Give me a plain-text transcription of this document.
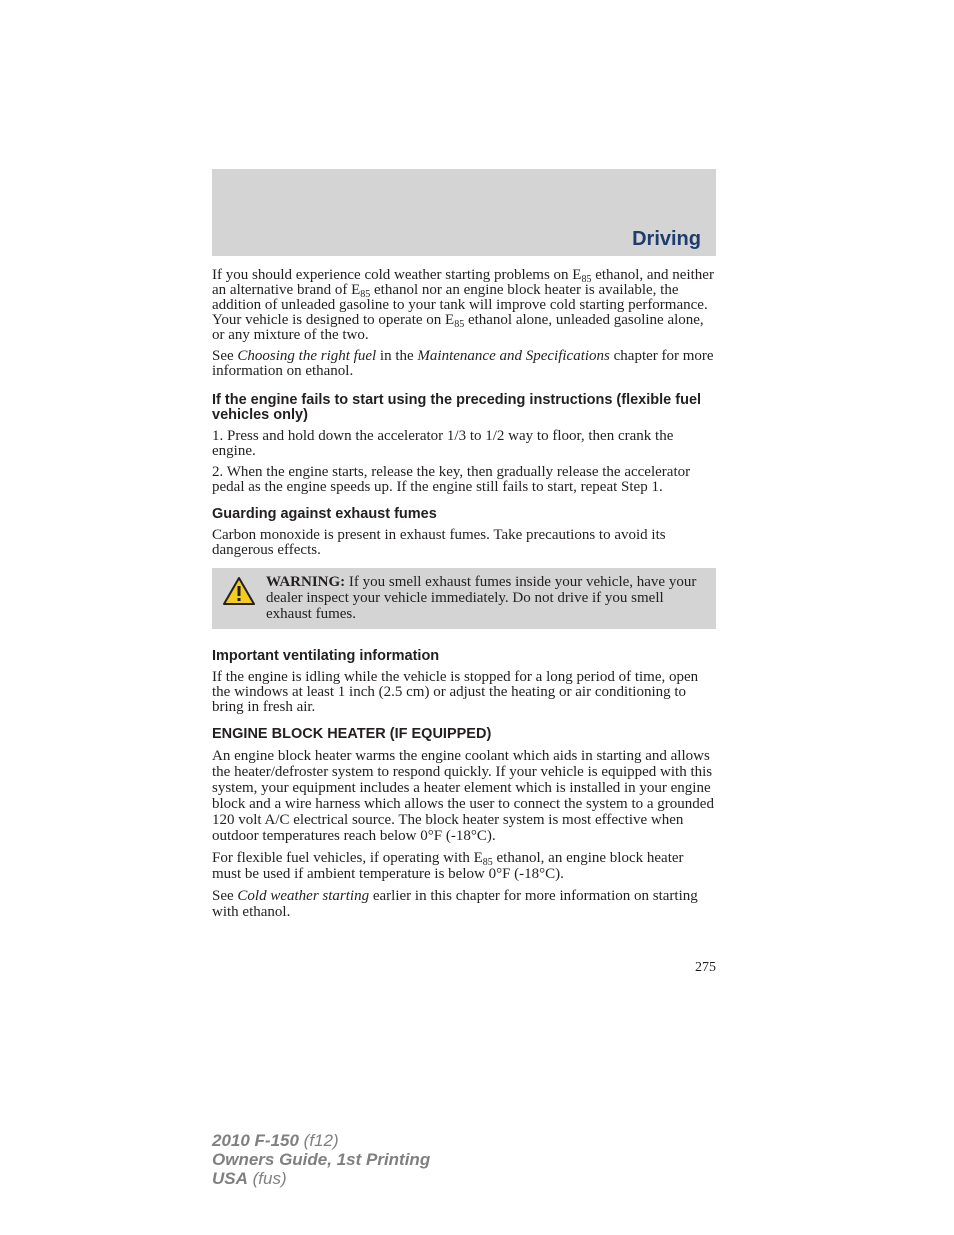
Driving

If you should experience cold weather starting problems on $E_{85}$ ethanol, and neither an alternative brand of $E_{85}$ ethanol nor an engine block heater is available, the addition of unleaded gasoline to your tank will improve cold starting performance. Your vehicle is designed to operate on $E_{85}$ ethanol alone, unleaded gasoline alone, or any mixture of the two.

See Choosing the right fuel in the Maintenance and Specifications chapter for more information on ethanol.

If the engine fails to start using the preceding instructions (flexible fuel vehicles only)

1. Press and hold down the accelerator 1/3 to 1/2 way to floor, then crank the engine.

2. When the engine starts, release the key, then gradually release the accelerator pedal as the engine speeds up. If the engine still fails to start, repeat Step 1.

Guarding against exhaust fumes

Carbon monoxide is present in exhaust fumes. Take precautions to avoid its dangerous effects.

WARNING: If you smell exhaust fumes inside your vehicle, have your dealer inspect your vehicle immediately. Do not drive if you smell exhaust fumes.
Important ventilating information

If the engine is idling while the vehicle is stopped for a long period of time, open the windows at least 1 inch (2.5 cm) or adjust the heating or air conditioning to bring in fresh air.

ENGINE BLOCK HEATER (IF EQUIPPED)

An engine block heater warms the engine coolant which aids in starting and allows the heater/defroster system to respond quickly. If your vehicle is equipped with this system, your equipment includes a heater element which is installed in your engine block and a wire harness which allows the user to connect the system to a grounded 120 volt A/C electrical source. The block heater system is most effective when outdoor temperatures reach below 0°F (-18°C).

For flexible fuel vehicles, if operating with $E_{85}$ ethanol, an engine block heater must be used if ambient temperature is below 0°F (-18°C).

See Cold weather starting earlier in this chapter for more information on starting with ethanol.

275

2010 F-150 (f12)
Owners Guide, 1st Printing
USA (fus)
